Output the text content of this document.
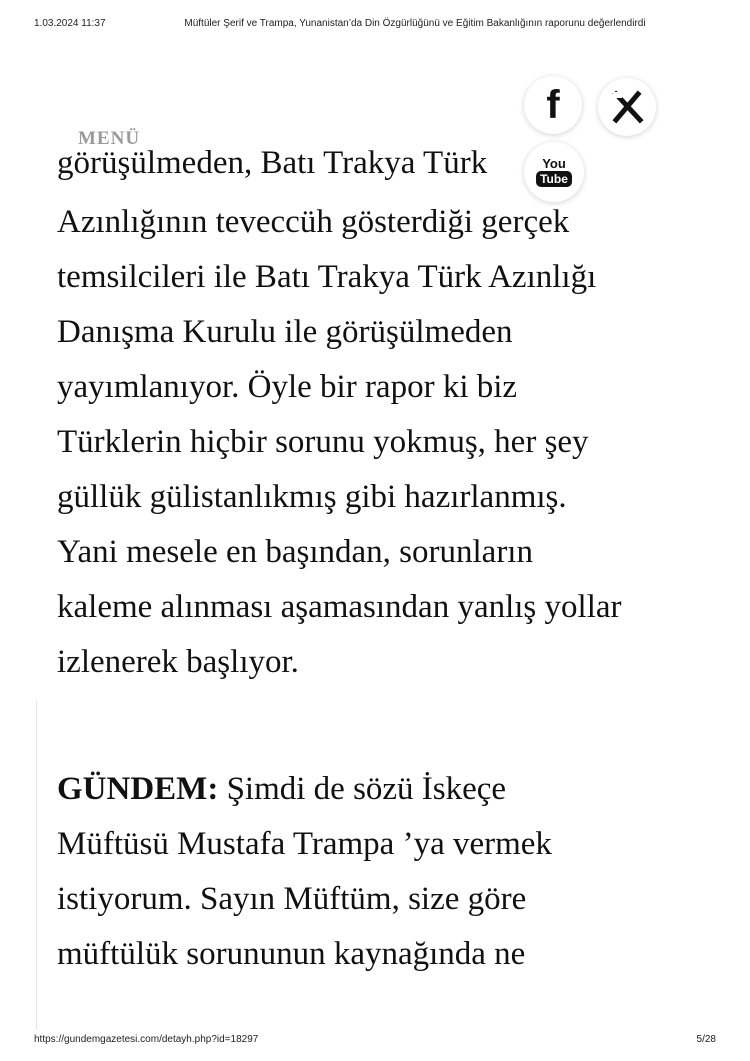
1.03.2024 11:37	Müftüler Şerif ve Trampa, Yunanistan’da Din Özgürlüğünü ve Eğitim Bakanlığının raporunu değerlendirdi
MENÜ
f
You
Tube
görüşülmeden, Batı Trakya Türk
Azınlığının teveccüh gösterdiği gerçek
temsilcileri ile Batı Trakya Türk Azınlığı
Danışma Kurulu ile görüşülmeden
yayımlanıyor. Öyle bir rapor ki biz
Türklerin hiçbir sorunu yokmuş, her şey
güllük gülistanlıkmış gibi hazırlanmış.
Yani mesele en başından, sorunların
kaleme alınması aşamasından yanlış yollar
izlenerek başlıyor.
GÜNDEM: Şimdi de sözü İskeçe
Müftüsü Mustafa Trampa ’ya vermek
istiyorum. Sayın Müftüm, size göre
müftülük sorununun kaynağında ne
https://gundemgazetesi.com/detayh.php?id=18297	5/28
